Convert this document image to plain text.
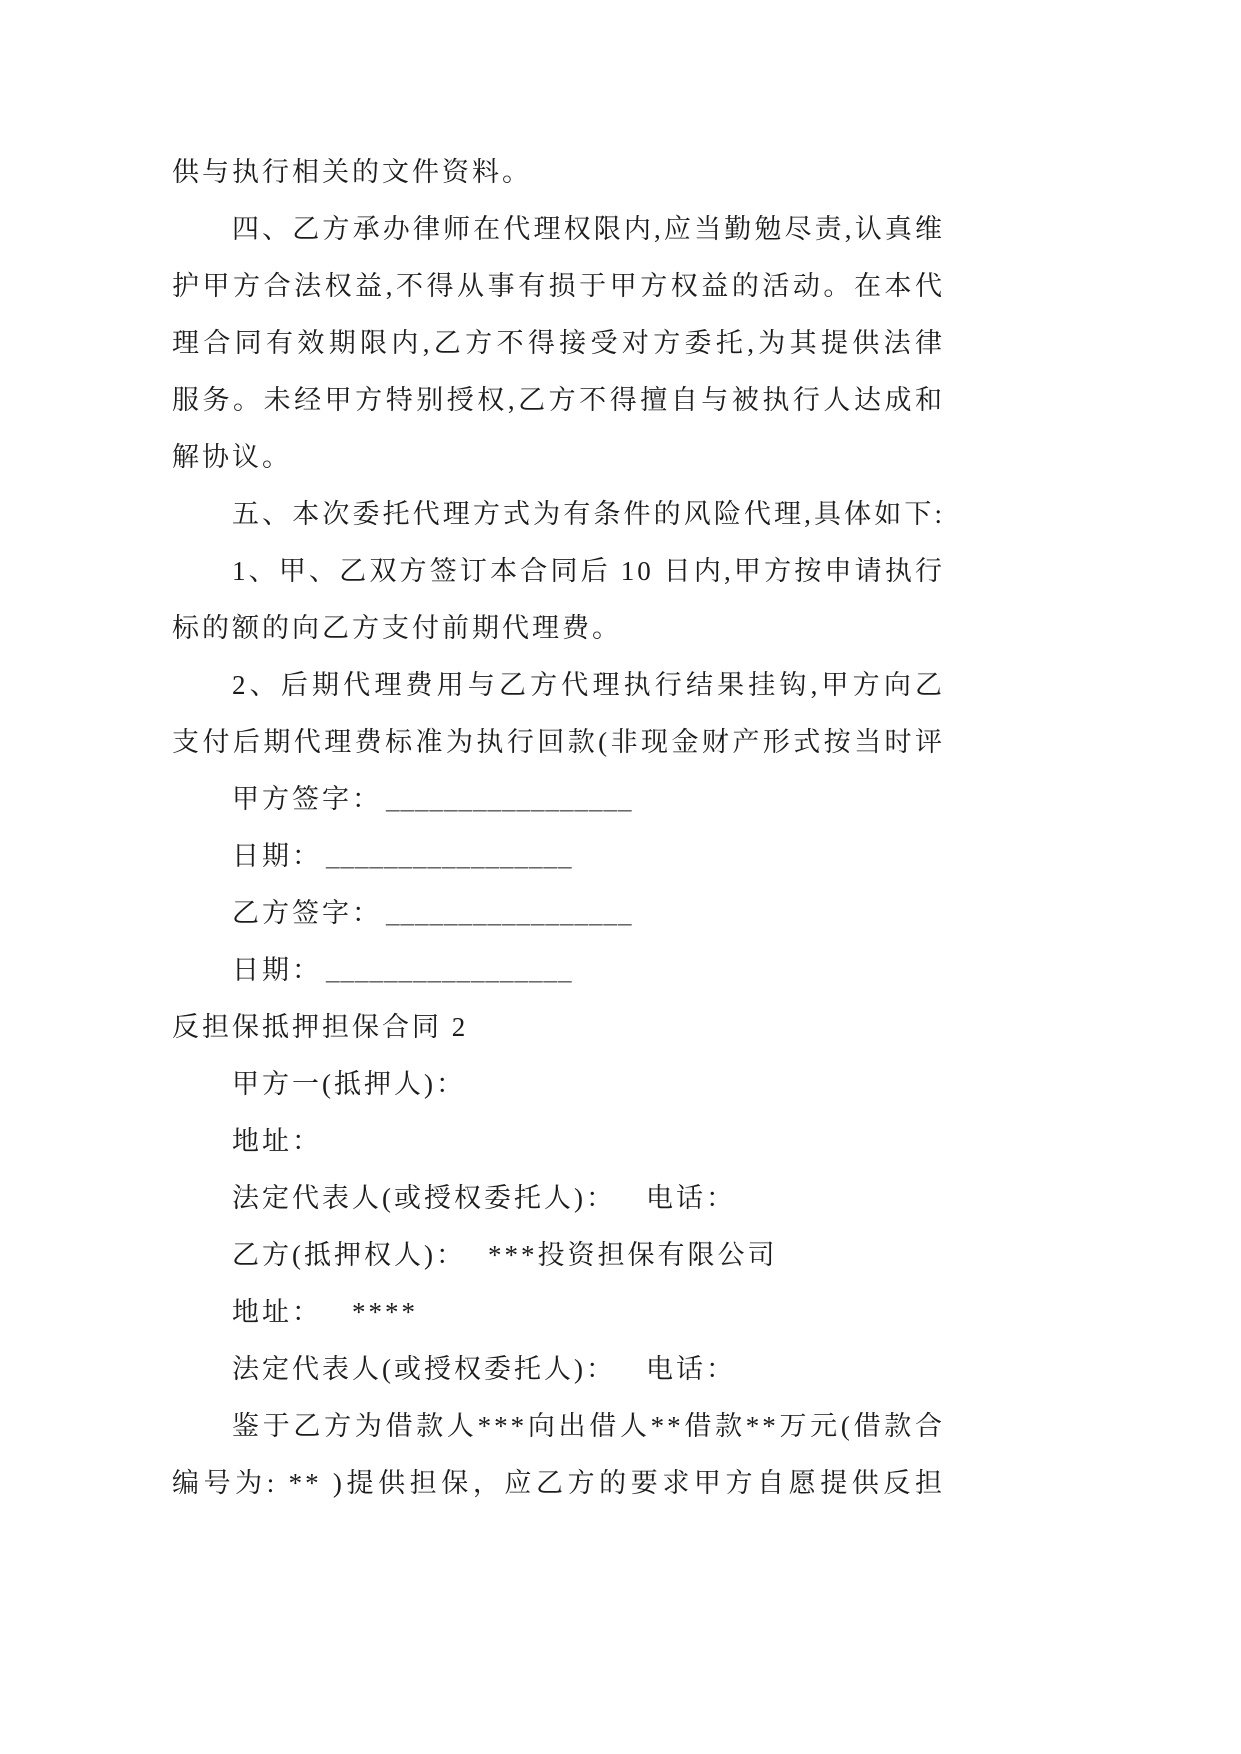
供与执行相关的文件资料。
四、乙方承办律师在代理权限内,应当勤勉尽责,认真维
护甲方合法权益,不得从事有损于甲方权益的活动。在本代
理合同有效期限内,乙方不得接受对方委托,为其提供法律
服务。未经甲方特别授权,乙方不得擅自与被执行人达成和
解协议。
五、本次委托代理方式为有条件的风险代理,具体如下:
1、甲、乙双方签订本合同后 10 日内,甲方按申请执行
标的额的向乙方支付前期代理费。
2、后期代理费用与乙方代理执行结果挂钩,甲方向乙
支付后期代理费标准为执行回款(非现金财产形式按当时评
甲方签字： _________________
日期： _________________
乙方签字： _________________
日期： _________________
反担保抵押担保合同 2
甲方一(抵押人)：
地址：
法定代表人(或授权委托人)： 电话：
乙方(抵押权人)： ***投资担保有限公司
地址： ****
法定代表人(或授权委托人)： 电话：
鉴于乙方为借款人***向出借人**借款**万元(借款合
编号为: ** )提供担保，应乙方的要求甲方自愿提供反担
